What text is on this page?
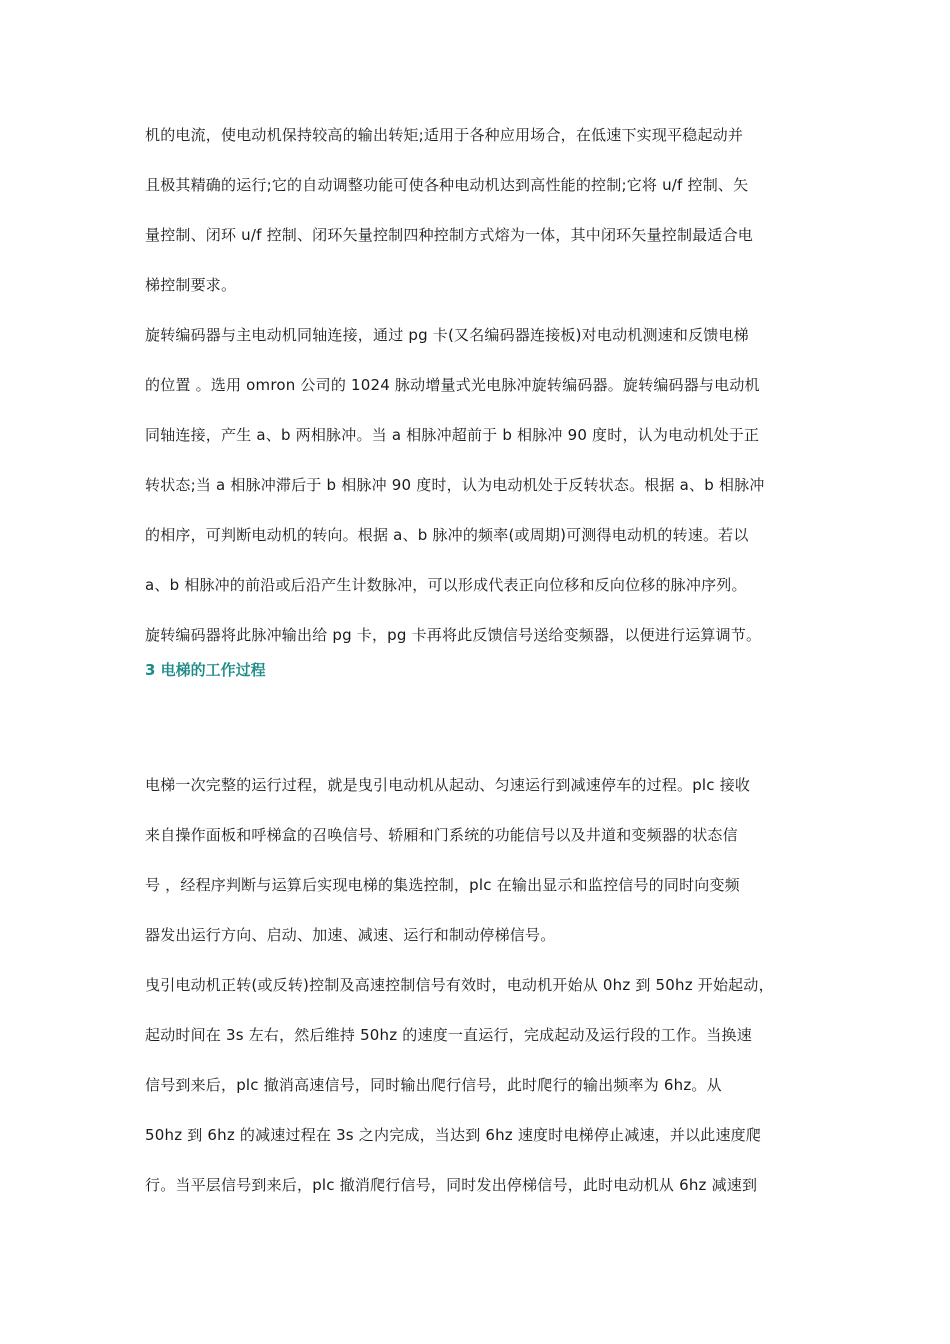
机的电流，使电动机保持较高的输出转矩;适用于各种应用场合，在低速下实现平稳起动并
且极其精确的运行;它的自动调整功能可使各种电动机达到高性能的控制;它将 u/f 控制、矢
量控制、闭环 u/f 控制、闭环矢量控制四种控制方式熔为一体，其中闭环矢量控制最适合电
梯控制要求。
旋转编码器与主电动机同轴连接，通过 pg 卡(又名编码器连接板)对电动机测速和反馈电梯
的位置 。选用 omron 公司的 1024 脉动增量式光电脉冲旋转编码器。旋转编码器与电动机
同轴连接，产生 a、b 两相脉冲。当 a 相脉冲超前于 b 相脉冲 90 度时，认为电动机处于正
转状态;当 a 相脉冲滞后于 b 相脉冲 90 度时，认为电动机处于反转状态。根据 a、b 相脉冲
的相序，可判断电动机的转向。根据 a、b 脉冲的频率(或周期)可测得电动机的转速。若以
a、b 相脉冲的前沿或后沿产生计数脉冲，可以形成代表正向位移和反向位移的脉冲序列。
旋转编码器将此脉冲输出给 pg 卡，pg 卡再将此反馈信号送给变频器，以便进行运算调节。
3 电梯的工作过程
电梯一次完整的运行过程，就是曳引电动机从起动、匀速运行到减速停车的过程。plc 接收
来自操作面板和呼梯盒的召唤信号、轿厢和门系统的功能信号以及井道和变频器的状态信
号 ，经程序判断与运算后实现电梯的集选控制，plc 在输出显示和监控信号的同时向变频
器发出运行方向、启动、加速、减速、运行和制动停梯信号。
曳引电动机正转(或反转)控制及高速控制信号有效时，电动机开始从 0hz 到 50hz 开始起动，
起动时间在 3s 左右，然后维持 50hz 的速度一直运行，完成起动及运行段的工作。当换速
信号到来后，plc 撤消高速信号，同时输出爬行信号，此时爬行的输出频率为 6hz。从
50hz 到 6hz 的减速过程在 3s 之内完成，当达到 6hz 速度时电梯停止减速，并以此速度爬
行。当平层信号到来后，plc 撤消爬行信号，同时发出停梯信号，此时电动机从 6hz 减速到
